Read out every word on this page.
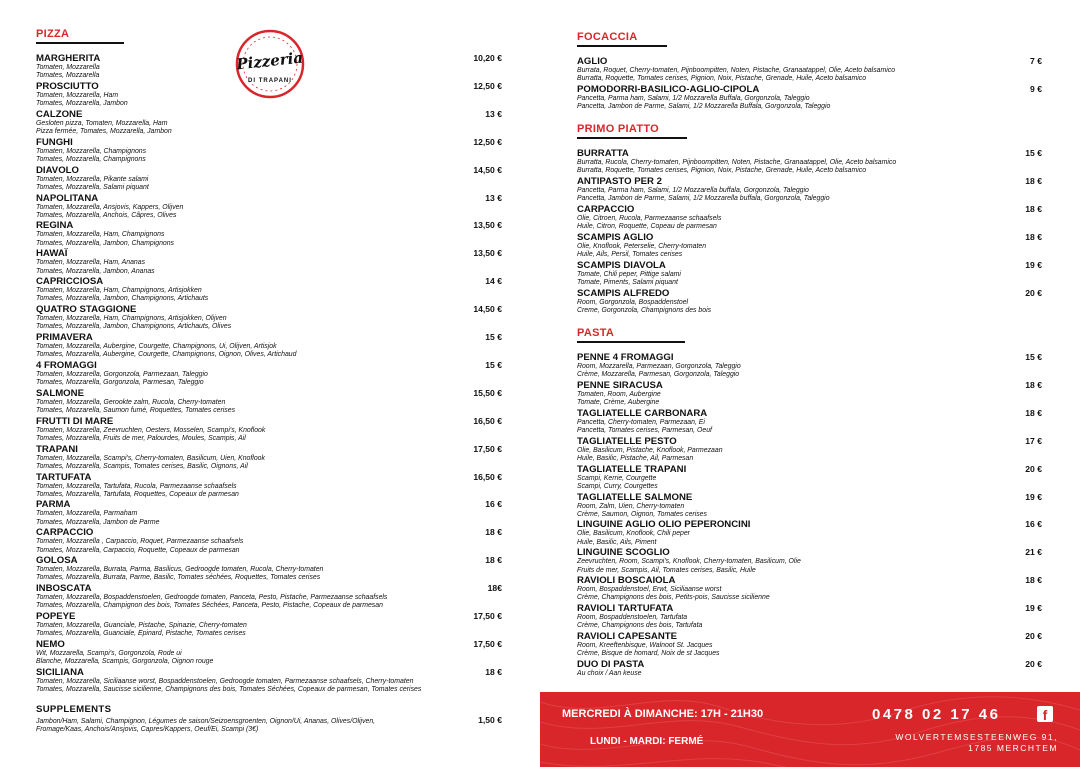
PIZZA
MARGHERITA	10,20 €
Tomaten, Mozzarella
Tomates, Mozzarella
PROSCIUTTO	12,50 €
Tomaten, Mozzarella, Ham
Tomates, Mozzarella, Jambon
CALZONE	13 €
Gesloten pizza, Tomaten, Mozzarella, Ham
Pizza fermée, Tomates, Mozzarella, Jambon
FUNGHI	12,50 €
Tomaten, Mozzarella, Champignons
Tomates, Mozzarella, Champignons
DIAVOLO	14,50 €
Tomaten, Mozzarella, Pikante salami
Tomates, Mozzarella, Salami piquant
NAPOLITANA	13 €
Tomaten, Mozzarella, Ansjovis, Kappers, Olijven
Tomates, Mozzarella, Anchois, Câpres, Olives
REGINA	13,50 €
Tomaten, Mozzarella, Ham, Champignons
Tomates, Mozzarella, Jambon, Champignons
HAWAÏ	13,50 €
Tomaten, Mozzarella, Ham, Ananas
Tomates, Mozzarella, Jambon, Ananas
CAPRICCIOSA	14 €
Tomaten, Mozzarella, Ham, Champignons, Artisjokken
Tomates, Mozzarella, Jambon, Champignons, Artichauts
QUATRO STAGGIONE	14,50 €
Tomaten, Mozzarella, Ham, Champignons, Artisjokken, Olijven
Tomates, Mozzarella, Jambon, Champignons, Artichauts, Olives
PRIMAVERA	15 €
Tomaten, Mozzarella, Aubergine, Courgette, Champignons, Ui, Olijven, Artisjok
Tomates, Mozzarella, Aubergine, Courgette, Champignons, Oignon, Olives, Artichaud
4 FROMAGGI	15 €
Tomaten, Mozzarella, Gorgonzola, Parmezaan, Taleggio
Tomates, Mozzarella, Gorgonzola, Parmesan, Taleggio
SALMONE	15,50 €
Tomaten, Mozzarella, Gerookte zalm, Rucola, Cherry-tomaten
Tomates, Mozzarella, Saumon fumé, Roquettes, Tomates cerises
FRUTTI DI MARE	16,50 €
Tomaten, Mozzarella, Zeevruchten, Oesters, Mosselen, Scampi's, Knoflook
Tomates, Mozzarella, Fruits de mer, Palourdes, Moules, Scampis, Ail
TRAPANI	17,50 €
Tomaten, Mozzarella, Scampi's, Cherry-tomaten, Basilicum, Uien, Knoflook
Tomates, Mozzarella, Scampis, Tomates cerises, Basilic, Oignons, Ail
TARTUFATA	16,50 €
Tomaten, Mozzarella, Tartufata, Rucola, Parmezaanse schaafsels
Tomates, Mozzarella, Tartufata, Roquettes, Copeaux de parmesan
PARMA	16 €
Tomaten, Mozzarella, Parmaham
Tomates, Mozzarella, Jambon de Parme
CARPACCIO	18 €
Tomaten, Mozzarella , Carpaccio, Roquet, Parmezaanse schaafsels
Tomates, Mozzarella, Carpaccio, Roquette, Copeaux de parmesan
GOLOSA	18 €
Tomaten, Mozzarella, Burrata, Parma, Basilicus, Gedroogde tomaten, Rucola, Cherry-tomaten
Tomates, Mozzarella, Burrata, Parme, Basilic, Tomates séchées, Roquettes, Tomates cerises
INBOSCATA	18€
Tomaten, Mozzarella, Bospaddenstoelen, Gedroogde tomaten, Panceta, Pesto, Pistache, Parmezaanse schaafsels
Tomates, Mozzarella, Champignon des bois, Tomates Séchées, Panceta, Pesto, Pistache, Copeaux de parmesan
POPEYE	17,50 €
Tomaten, Mozzarella, Guanciale, Pistache, Spinazie, Cherry-tomaten
Tomates, Mozzarella, Guanciale, Epinard, Pistache, Tomates cerises
NEMO	17,50 €
Wit, Mozzarella, Scampi's, Gorgonzola, Rode ui
Blanche, Mozzarella, Scampis, Gorgonzola, Oignon rouge
SICILIANA	18 €
Tomaten, Mozzarella, Siciliaanse worst, Bospaddenstoelen, Gedroogde tomaten, Parmezaanse schaafsels, Cherry-tomaten
Tomates, Mozzarella, Saucisse sicilienne, Champignons des bois, Tomates Séchées, Copeaux de parmesan, Tomates cerises
SUPPLEMENTS
Jambon/Ham, Salami, Champignon, Légumes de saison/Seizoensgroenten, Oignon/Ui, Ananas, Olives/Olijven,	1,50 €
Fromage/Kaas, Anchois/Ansjovis, Capres/Kappers, Oeuf/Ei, Scampi (3€)
Pizzeria
DI TRAPANI
FOCACCIA
AGLIO	7 €
Burrata, Roquet, Cherry-tomaten, Pijnboompitten, Noten, Pistache, Granaatappel, Olie, Aceto balsamico
Burratta, Roquette, Tomates cerises, Pignion, Noix, Pistache, Grenade, Huile, Aceto balsamico
POMODORRI-BASILICO-AGLIO-CIPOLA	9 €
Pancetta, Parma ham, Salami, 1/2 Mozzarella Buffala, Gorgonzola, Taleggio
Pancetta, Jambon de Parme, Salami, 1/2 Mozzarella Buffala, Gorgonzola, Taleggio
PRIMO PIATTO
BURRATTA	15 €
Burratta, Rucola, Cherry-tomaten, Pijnboompitten, Noten, Pistache, Granaatappel, Olie, Aceto balsamico
Burratta, Roquette, Tomates cerises, Pignion, Noix, Pistache, Grenade, Huile, Aceto balsamico
ANTIPASTO PER 2	18 €
Pancetta, Parma ham, Salami, 1/2 Mozzarella buffala, Gorgonzola, Taleggio
Pancetta, Jambon de Parme, Salami, 1/2 Mozzarella buffala, Gorgonzola, Taleggio
CARPACCIO	18 €
Olie, Citroen, Rucola, Parmezaanse schaafsels
Huile, Citron, Roquette, Copeau de parmesan
SCAMPIS AGLIO	18 €
Olie, Knoflook, Peterselie, Cherry-tomaten
Huile, Ails, Persil, Tomates cerises
SCAMPIS DIAVOLA	19 €
Tomate, Chili peper, Pittige salami
Tomate, Piments, Salami piquant
SCAMPIS ALFREDO	20 €
Room, Gorgonzola, Bospaddenstoel
Creme, Gorgonzola, Champignons des bois
PASTA
PENNE 4 FROMAGGI	15 €
Room, Mozzarella, Parmezaan, Gorgonzola, Taleggio
Crème, Mozzarella, Parmesan, Gorgonzola, Taleggio
PENNE SIRACUSA	18 €
Tomaten, Room, Aubergine
Tomate, Crème, Aubergine
TAGLIATELLE CARBONARA	18 €
Pancetta, Cherry-tomaten, Parmezaan, Ei
Pancetta, Tomates cerises, Parmesan, Oeuf
TAGLIATELLE PESTO	17 €
Olie, Basilicum, Pistache, Knoflook, Parmezaan
Huile, Basilic, Pistache, Ail, Parmesan
TAGLIATELLE TRAPANI	20 €
Scampi, Kerrie, Courgette
Scampi, Curry, Courgettes
TAGLIATELLE SALMONE	19 €
Room, Zalm, Uien, Cherry-tomaten
Crème, Saumon, Oignon, Tomates cerises
LINGUINE AGLIO OLIO PEPERONCINI	16 €
Olie, Basilicum, Knoflook, Chili peper
Huile, Basilic, Ails, Piment
LINGUINE SCOGLIO	21 €
Zeevruchten, Room, Scampi's, Knoflook, Cherry-tomaten, Basilicum, Olie
Fruits de mer, Scampis, Ail, Tomates cerises, Basilic, Huile
RAVIOLI BOSCAIOLA	18 €
Room, Bospaddenstoel, Erwt, Siciliaanse worst
Crème, Champignons des bois, Petits-pois, Saucisse sicilienne
RAVIOLI TARTUFATA	19 €
Room, Bospaddenstoelen, Tartufata
Crème, Champignons des bois, Tartufata
RAVIOLI CAPESANTE	20 €
Room, Kreeftenbisque, Walnoot St. Jacques
Crème, Bisque de homard, Noix de st Jacques
DUO DI PASTA	20 €
Au choix / Aan keuse
MERCREDI À DIMANCHE: 17H - 21H30
LUNDI - MARDI: FERMÉ
0478 02 17 46	f
WOLVERTEMSESTEENWEG 91,
1785 MERCHTEM
